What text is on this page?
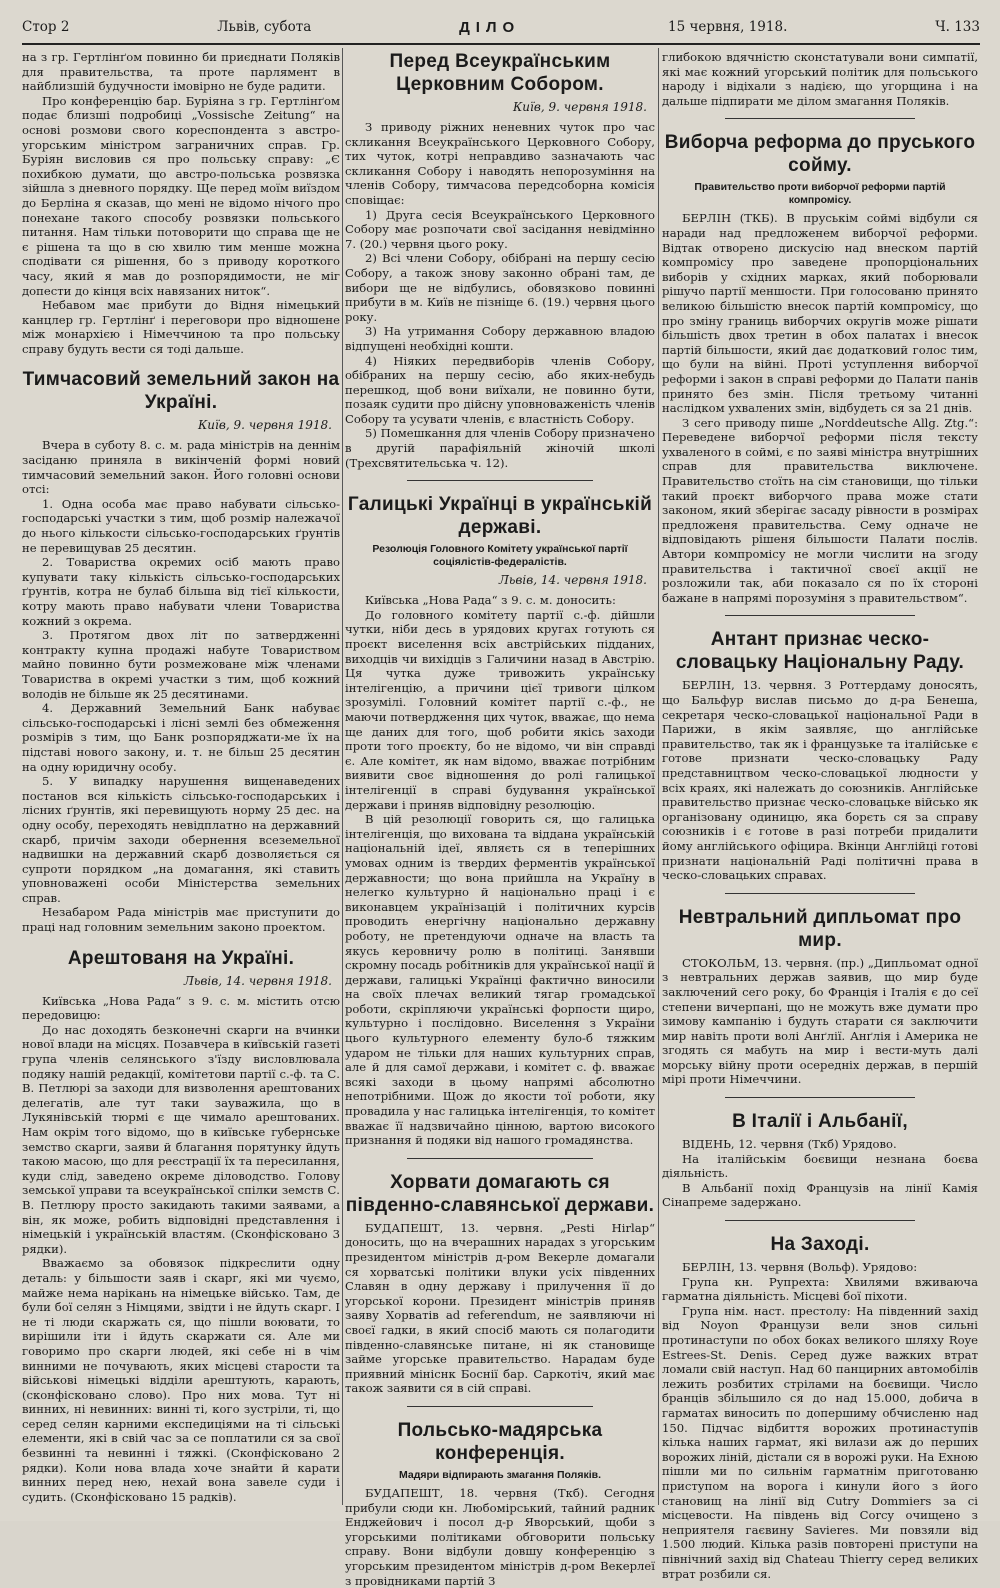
Стор 2	Львів, субота	ДІЛО	15 червня, 1918.	Ч. 133

на з гр. Гертлінґом повинно би приєднати Поляків для правительства, та проте парлямент в найблизшій будучности імовірно не буде радити.

Про конференцію бар. Буріяна з гр. Гертлінґом подає близші подробиці „Vossische Zeitung“ на основі розмови свого кореспондента з австро-угорським міністром заграничних справ. Гр. Буріян висловив ся про польську справу: „Є похибкою думати, що австро-польська розвязка зійшла з дневного порядку. Ще перед моїм виїздом до Берліна я сказав, що мені не відомо нічого про понехане такого способу розвязки польського питання. Нам тільки потоворити що справа ще не є рішена та що в сю хвилю тим менше можна сподівати ся рішення, бо з приводу короткого часу, який я мав до розпорядимости, не міг допести до кінця всіх навязаних ниток“.

Небавом має прибути до Відня німецький канцлер гр. Гертлінґ і переговори про відношене між монархією і Німеччиною та про польську справу будуть вести ся тоді дальше.

Тимчасовий земельний закон на Україні.
Київ, 9. червня 1918.

Вчера в суботу 8. с. м. рада міністрів на деннім засіданю приняла в викінченій формі новий тимчасовий земельний закон. Його головні основи отсі:

1. Одна особа має право набувати сільсько-господарські участки з тим, щоб розмір належачої до нього кількости сільсько-господарських ґрунтів не перевищував 25 десятин.

2. Товариства окремих осіб мають право купувати таку кількість сільсько-господарських ґрунтів, котра не булаб більша від тієї кількости, котру мають право набувати члени Товариства кожний з окрема.

3. Протягом двох літ по затвердженні контракту купна продажі набуте Товариством майно повинно бути розмежоване між членами Товариства в окремі участки з тим, щоб кожний володів не більше як 25 десятинами.

4. Державний Земельний Банк набуває сільсько-господарські і лісні землі без обмеження розмірів з тим, що Банк розпоряджати-ме їх на підставі нового закону, и. т. не більш 25 десятин на одну юридичну особу.

5. У випадку нарушення вищенаведених постанов вся кількість сільсько-господарських і лісних ґрунтів, які перевищують норму 25 дес. на одну особу, переходять невідплатно на державний скарб, причім заходи обернення всеземельної надвишки на державний скарб дозволяється ся супроти порядком „на домагання, які ставить уповноважені особи Міністерства земельних справ.

Незабаром Рада міністрів має приступити до праці над головним земельним законо проектом.

Арештованя на Україні.
Львів, 14. червня 1918.

Київська „Нова Рада“ з 9. с. м. містить отсю передовицю:

До нас доходять безконечні скарги на вчинки нової влади на місцях. Позавчера в київській газеті група членів селянського з'їзду висловлювала подяку нашій редакції, комітетови партії с.-ф. та С. В. Петлюрі за заходи для визволення арештованих делегатів, але тут таки зауважила, що в Лукянівській тюрмі є ще чимало арештованих. Нам окрім того відомо, що в київське губернське земство скарги, заяви й благання порятунку йдуть такою масою, що для реєстрації їх та пересилання, куди слід, заведено окреме діловодство. Голову земської управи та всеукраїнської спілки земств С. В. Петлюру просто закидають такими заявами, а він, як може, робить відповідні представлення і німецькій і українській властям. (Сконфісковано 3 рядки).

Вважаємо за обовязок підкреслити одну деталь: у більшости заяв і скарг, які ми чуємо, майже нема нарікань на німецьке військо. Там, де були бої селян з Німцями, звідти і не йдуть скарг. І не ті люди скаржать ся, що пішли воювати, то вирішили іти і йдуть скаржати ся. Але ми говоримо про скарги людей, які себе ні в чім винними не почувають, яких місцеві старости та військові німецькі відділи арештують, карають, (сконфісковано слово). Про них мова. Тут ні винних, ні невинних: винні ті, кого зустріли, ті, що серед селян карними експедиціями на ті сільські елементи, які в свій час за се поплатили ся за свої безвинні та невинні і тяжкі. (Сконфісковано 2 рядки). Коли нова влада хоче знайти й карати винних перед нею, нехай вона завеле суди і судить. (Сконфісковано 15 радків).

Перед Всеукраїнським Церковним Собором.
Київ, 9. червня 1918.

З приводу ріжних неневних чуток про час скликання Всеукраїнського Церковного Собору, тих чуток, котрі неправдиво зазначають час скликання Собору і наводять непорозуміння на членів Собору, тимчасова передсоборна комісія сповіщає:

1) Друга сесія Всеукраїнського Церковного Собору має розпочати свої засідання невідмінно 7. (20.) червня цього року.

2) Всі члени Собору, обібрані на першу сесію Собору, а також знову законно обрані там, де вибори ще не відбулись, обовязково повинні прибути в м. Київ не пізніще 6. (19.) червня цього року.

3) На утримання Собору державною владою відпущені необхідні кошти.

4) Ніяких передвиборів членів Собору, обібраних на першу сесію, або яких-небудь перешкод, щоб вони виїхали, не повинно бути, позаяк судити про дійсну уповноваженість членів Собору та усувати членів, є властність Собору.

5) Помешкання для членів Собору призначено в другій парафіяльній жіночій школі (Трехсвятительська ч. 12).

Галицькі Українці в українській державі.
Резолюція Головного Комітету української партії соціялістів-федералістів.
Львів, 14. червня 1918.

Київська „Нова Рада“ з 9. с. м. доносить:

До головного комітету партії с.-ф. дійшли чутки, ніби десь в урядових кругах готують ся проєкт виселення всіх австрійських підданих, виходців чи вихідців з Галичини назад в Австрію. Ця чутка дуже тривожить українську інтелігенцію, а причини цієї тривоги цілком зрозумілі. Головний комітет партії с.-ф., не маючи потвердження цих чуток, вважає, що нема ще даних для того, щоб робити якісь заходи проти того проєкту, бо не відомо, чи він справді є. Але комітет, як нам відомо, вважає потрібним виявити своє відношення до ролі галицької інтелігенції в справі будування української держави і приняв відповідну резолюцію.

В цій резолюції говорить ся, що галицька інтелігенція, що вихована та віддана українській національній ідеї, являєть ся в теперішних умовах одним із твердих ферментів української державности; що вона прийшла на Україну в нелегко культурно й національно праці і є виконавцем українізацій і політичних курсів проводить енергічну національно державну роботу, не претендуючи одначе на власть та якусь керовничу ролю в політиці. Занявши скромну посадь робітників для української нації й держави, галицькі Українці фактично виносили на своїх плечах великий тягар громадської роботи, скріпляючи українські форпости щиро, культурно і послідовно. Виселення з України цього культурного елементу було-б тяжким ударом не тільки для наших культурних справ, але й для самої держави, і комітет с. ф. вважає всякі заходи в цьому напрямі абсолютно непотрібними. Щож до якости тої роботи, яку провадила у нас галицька інтелігенція, то комітет вважає її надзвичайно цінною, вартою високого признання й подяки від нашого громадянства.

Хорвати домагають ся південно-славянської держави.

БУДАПЕШТ, 13. червня. „Pesti Hirlap“ доносить, що на вчерашних нарадах з угорським президентом міністрів д-ром Векерле домагали ся хорватські політики влуки усіх південних Славян в одну державу і прилучення її до угорської корони. Президент міністрів приняв заяву Хорватів ad referendum, не заявляючи ні своєї гадки, в який спосіб мають ся полагодити південно-славянське питане, ні як становище займе угорське правительство. Нарадам буде приявний мініснк Боснії бар. Саркотіч, який має також заявити ся в сій справі.

Польсько-мадярська конференція.
Мадяри відпирають змагання Поляків.

БУДАПЕШТ, 18. червня (Ткб). Сегодня прибули сюди кн. Любомірський, тайний радник Енджейович і посол д-р Яворський, щоби з угорськими політиками обговорити польську справу. Вони відбули довшу конференцію з угорським президентом міністрів д-ром Векерлеї з провідниками партій З

глибокою вдячністю сконстатували вони симпатії, які має кожний угорський політик для польського народу і відіхали з надією, що угорщина і на дальше підпирати ме ділом змагання Поляків.

Виборча реформа до пруського сойму.
Правительство проти виборчої реформи партій компромісу.

БЕРЛІН (ТКБ). В пруськім соймі відбули ся наради над предложенем виборчої реформи. Відтак отворено дискусію над внеском партій компромісу про заведене пропорціональних виборів у східних марках, який поборювали рішучо партії меншости. При голосованю принято великою більшістю внесок партій компромісу, що про зміну границь виборчих округів може рішати більшість двох третин в обох палатах і внесок партій більшости, який дає додатковий голос тим, що були на війні. Проті уступлення виборчої реформи і закон в справі реформи до Палати панів принято без змін. Після третьому читанні наслідком ухвалених змін, відбудеть ся за 21 днів.

З сего приводу пише „Norddeutsche Allg. Ztg.“: Переведене виборчої реформи після тексту ухваленого в соймі, є по заяві міністра внутрішних справ для правительства виключене. Правительство стоїть на сім становищи, що тільки такий проєкт виборчого права може стати законом, який зберігає засаду рівности в розмірах предложеня правительства. Сему одначе не відповідають рішеня більшости Палати послів. Автори компромісу не могли числити на згоду правительства і тактичної своєї акції не розложили так, аби показало ся по їх стороні бажане в напрямі порозуміня з правительством“.

Антант признає ческо-словацьку Національну Раду.

БЕРЛІН, 13. червня. З Роттердаму доносять, що Бальфур вислав письмо до д-ра Бенеша, секретаря ческо-словацької національної Ради в Парижи, в якім заявляє, що англійське правительство, так як і французьке та італійське є готове признати ческо-словацьку Раду представництвом ческо-словацької людности у всіх краях, які належать до союзників. Англійське правительство признає ческо-словацьке військо як організовану одиницю, яка борєть ся за справу союзників і є готове в разі потреби придалити йому англійського офіцира. Вкінци Англійці готові признати національній Раді політичні права в ческо-словацьких справах.

Невтральний дипльомат про мир.

СТОКОЛЬМ, 13. червня. (пр.) „Дипльомат одної з невтральних держав заявив, що мир буде заключений сего року, бо Франція і Італія є до сеї степени вичерпані, що не можуть вже думати про зимову кампанію і будуть старати ся заключити мир навіть проти волі Анґлії. Анґлія і Америка не згодять ся мабуть на мир і вести-муть далі морську війну проти осередніх держав, в першій мірі проти Німеччини.

В Італії і Альбанії,

ВІДЕНЬ, 12. червня (Ткб) Урядово.

На італійськім боєвищи незнана боєва діяльність.

В Альбанії похід Французів на лінії Камія Сінапреме задержано.

На Заході.

БЕРЛІН, 13. червня (Вольф). Урядово:

Група кн. Рупрехта: Хвилями вживаюча гарматна діяльність. Місцеві бої піхоти.

Група нім. наст. престолу: На південний захід від Noyon Французи вели знов сильні протинаступи по обох боках великого шляху Roye Estrees-St. Denis. Серед дуже важких втрат ломали свій наступ. Над 60 панцирних автомобілів лежить розбитих стрілами на боєвищи. Число бранців збільшило ся до над 15.000, добича в гарматах виносить по допершиму обчисленю над 150. Підчас відбиття ворожих протинаступів кілька наших гармат, які вилази аж до перших ворожих ліній, дістали ся в ворожі руки. На Ехною пішли ми по сильнім гарматнім приготованю приступом на ворога і кинули його з його становищ на лінії від Cutry Dommiers за сі місцевости. На південь від Corcy очищено з неприятеля гаєвину Savieres. Ми повзяли від 1.500 людий. Кілька разів повторені приступи на північний захід від Chateau Thierry серед великих втрат розбили ся.
